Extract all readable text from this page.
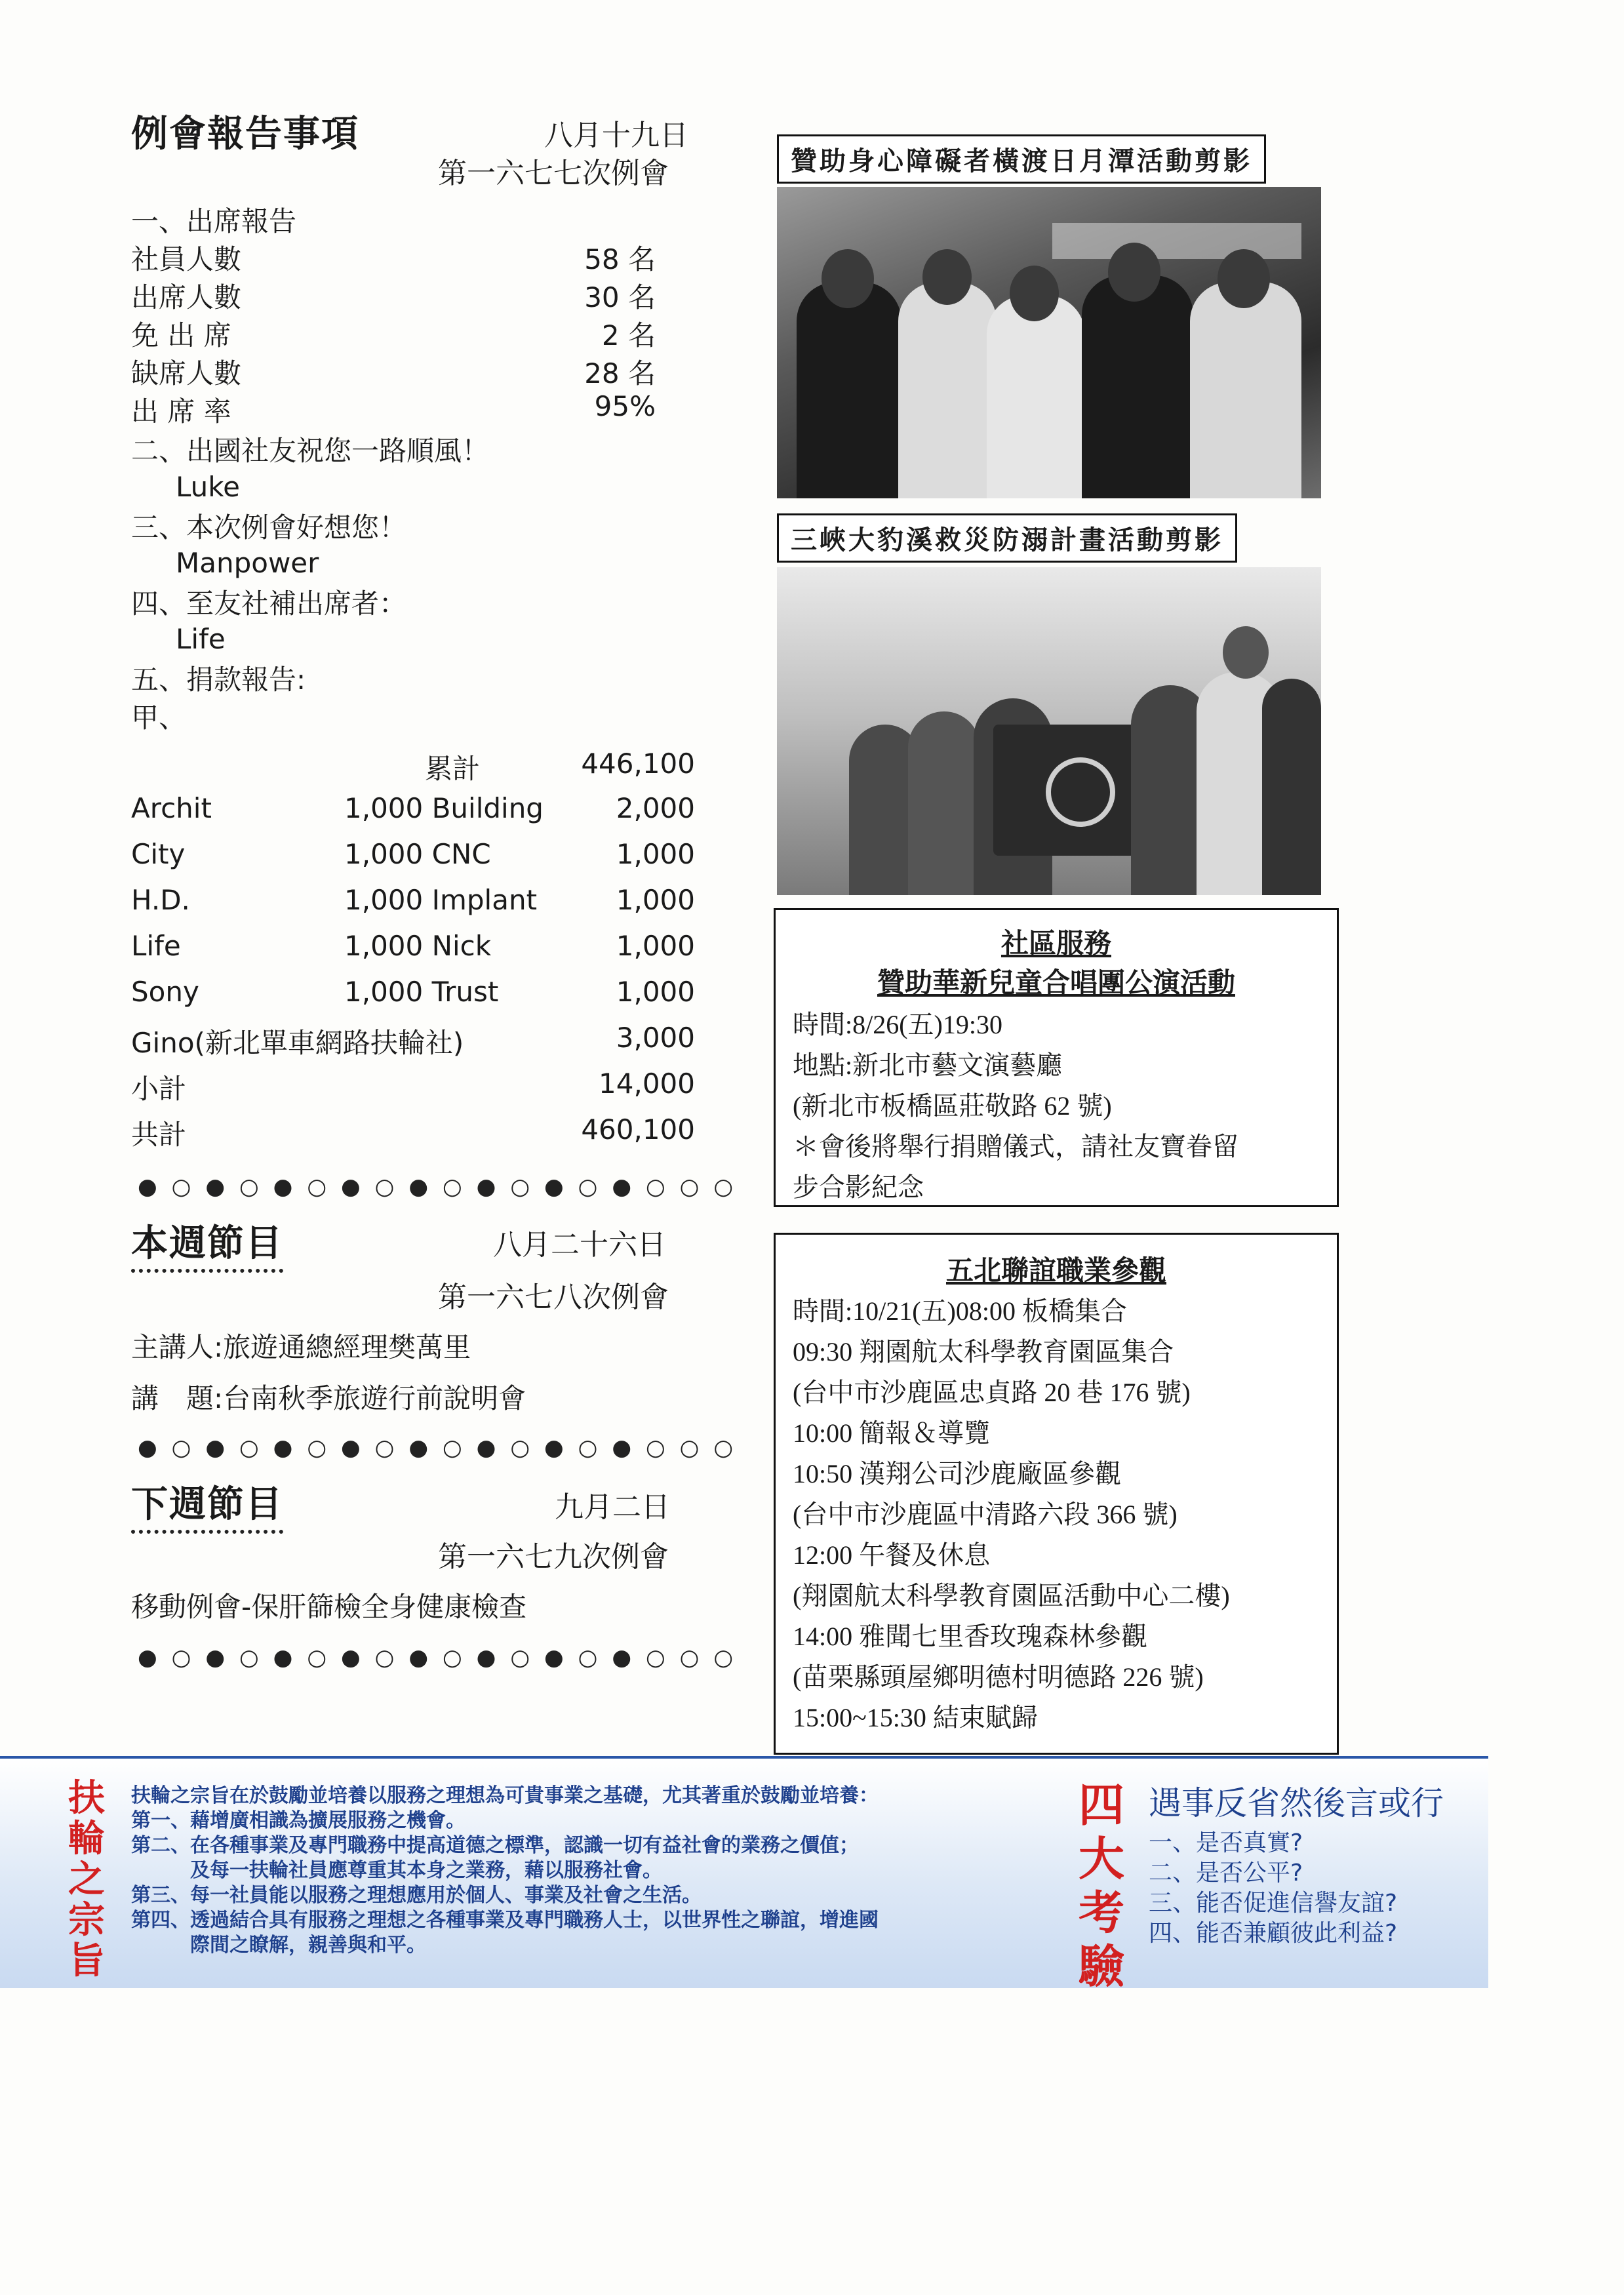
例會報告事項	八月十九日
第一六七七次例會
一、出席報告
社員人數	58 名
出席人數	30 名
免 出 席	2 名
缺席人數	28 名
出 席 率	95%
二、出國社友祝您一路順風！
Luke
三、本次例會好想您！
Manpower
四、至友社補出席者：
Life
五、捐款報告:
甲、
累計	446,100
Archit	1,000 Building	2,000
City	1,000 CNC	1,000
H.D.	1,000 Implant	1,000
Life	1,000 Nick	1,000
Sony	1,000 Trust	1,000
Gino(新北單車網路扶輪社)	3,000
小計	14,000
共計	460,100
●○●○●○●○●○●○●○●○○○
本週節目	八月二十六日
第一六七八次例會
主講人:旅遊通總經理樊萬里
講　題:台南秋季旅遊行前說明會
●○●○●○●○●○●○●○●○○○
下週節目	九月二日
第一六七九次例會
移動例會-保肝篩檢全身健康檢查
●○●○●○●○●○●○●○●○○○
贊助身心障礙者橫渡日月潭活動剪影
三峽大豹溪救災防溺計畫活動剪影
社區服務
贊助華新兒童合唱團公演活動
時間:8/26(五)19:30
地點:新北市藝文演藝廳
(新北市板橋區莊敬路 62 號)
＊會後將舉行捐贈儀式，請社友寶眷留
步合影紀念
五北聯誼職業參觀
時間:10/21(五)08:00 板橋集合
09:30 翔園航太科學教育園區集合
(台中市沙鹿區忠貞路 20 巷 176 號)
10:00 簡報＆導覽
10:50 漢翔公司沙鹿廠區參觀
(台中市沙鹿區中清路六段 366 號)
12:00 午餐及休息
(翔園航太科學教育園區活動中心二樓)
14:00 雅聞七里香玫瑰森林參觀
(苗栗縣頭屋鄉明德村明德路 226 號)
15:00~15:30 結束賦歸
扶
輪
之
宗
旨
扶輪之宗旨在於鼓勵並培養以服務之理想為可貴事業之基礎，尤其著重於鼓勵並培養：
第一、藉增廣相識為擴展服務之機會。
第二、在各種事業及專門職務中提高道德之標準，認識一切有益社會的業務之價值；
　　　及每一扶輪社員應尊重其本身之業務，藉以服務社會。
第三、每一社員能以服務之理想應用於個人、事業及社會之生活。
第四、透過結合具有服務之理想之各種事業及專門職務人士，以世界性之聯誼，增進國
　　　際間之瞭解，親善與和平。
四
大
考
驗
遇事反省然後言或行
一、是否真實?
二、是否公平?
三、能否促進信譽友誼?
四、能否兼顧彼此利益?
